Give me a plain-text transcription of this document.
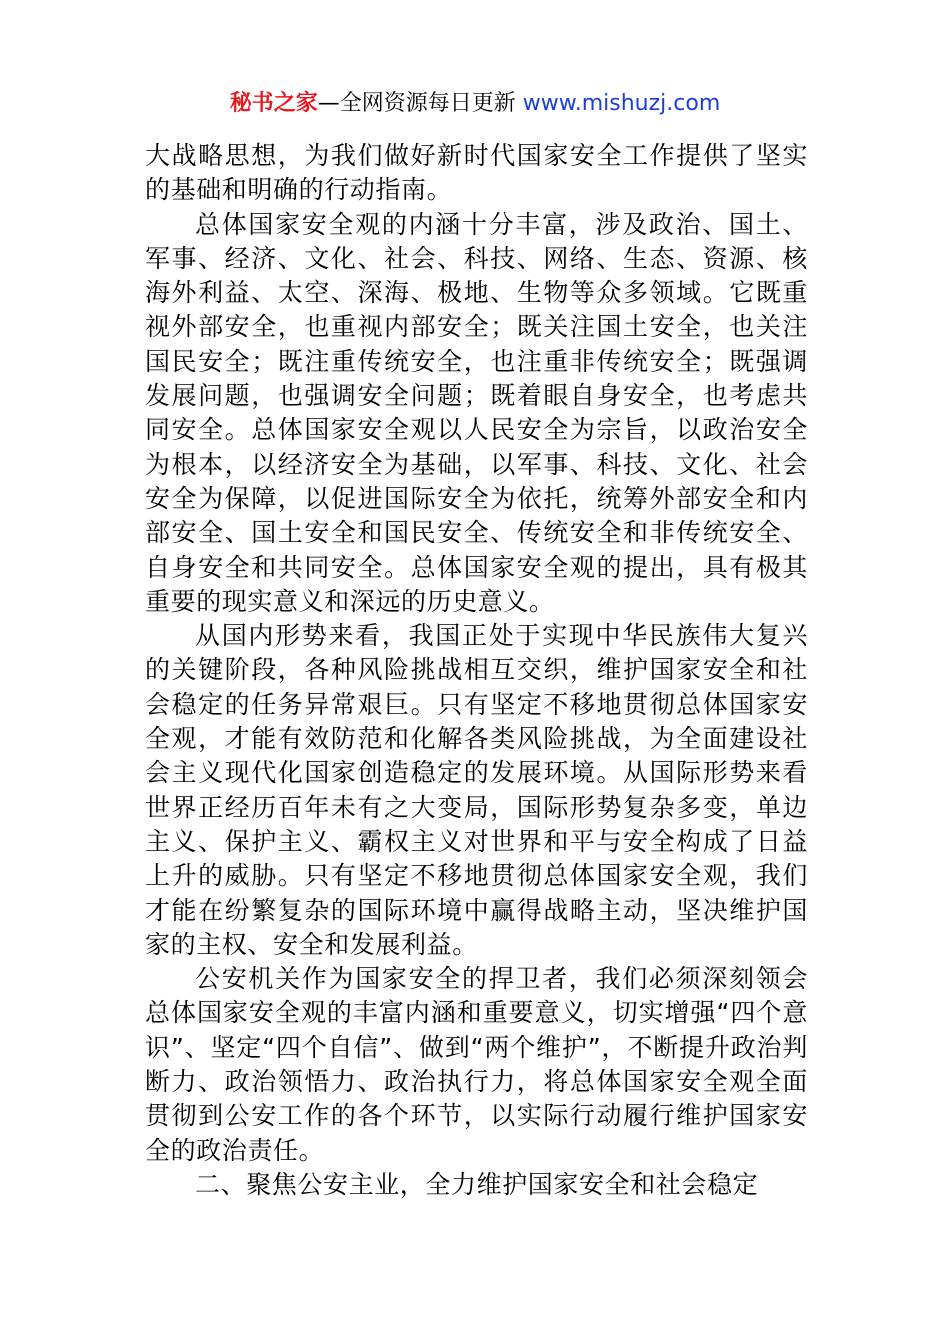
秘书之家—全网资源每日更新 www.mishuzj.com

大战略思想，为我们做好新时代国家安全工作提供了坚实的基础和明确的行动指南。

总体国家安全观的内涵十分丰富，涉及政治、国土、军事、经济、文化、社会、科技、网络、生态、资源、核海外利益、太空、深海、极地、生物等众多领域。它既重视外部安全，也重视内部安全；既关注国土安全，也关注国民安全；既注重传统安全，也注重非传统安全；既强调发展问题，也强调安全问题；既着眼自身安全，也考虑共同安全。总体国家安全观以人民安全为宗旨，以政治安全为根本，以经济安全为基础，以军事、科技、文化、社会安全为保障，以促进国际安全为依托，统筹外部安全和内部安全、国土安全和国民安全、传统安全和非传统安全、自身安全和共同安全。总体国家安全观的提出，具有极其重要的现实意义和深远的历史意义。

从国内形势来看，我国正处于实现中华民族伟大复兴的关键阶段，各种风险挑战相互交织，维护国家安全和社会稳定的任务异常艰巨。只有坚定不移地贯彻总体国家安全观，才能有效防范和化解各类风险挑战，为全面建设社会主义现代化国家创造稳定的发展环境。从国际形势来看世界正经历百年未有之大变局，国际形势复杂多变，单边主义、保护主义、霸权主义对世界和平与安全构成了日益上升的威胁。只有坚定不移地贯彻总体国家安全观，我们才能在纷繁复杂的国际环境中赢得战略主动，坚决维护国家的主权、安全和发展利益。

公安机关作为国家安全的捍卫者，我们必须深刻领会总体国家安全观的丰富内涵和重要意义，切实增强“四个意识”、坚定“四个自信”、做到“两个维护”，不断提升政治判断力、政治领悟力、政治执行力，将总体国家安全观全面贯彻到公安工作的各个环节，以实际行动履行维护国家安全的政治责任。

二、聚焦公安主业，全力维护国家安全和社会稳定
